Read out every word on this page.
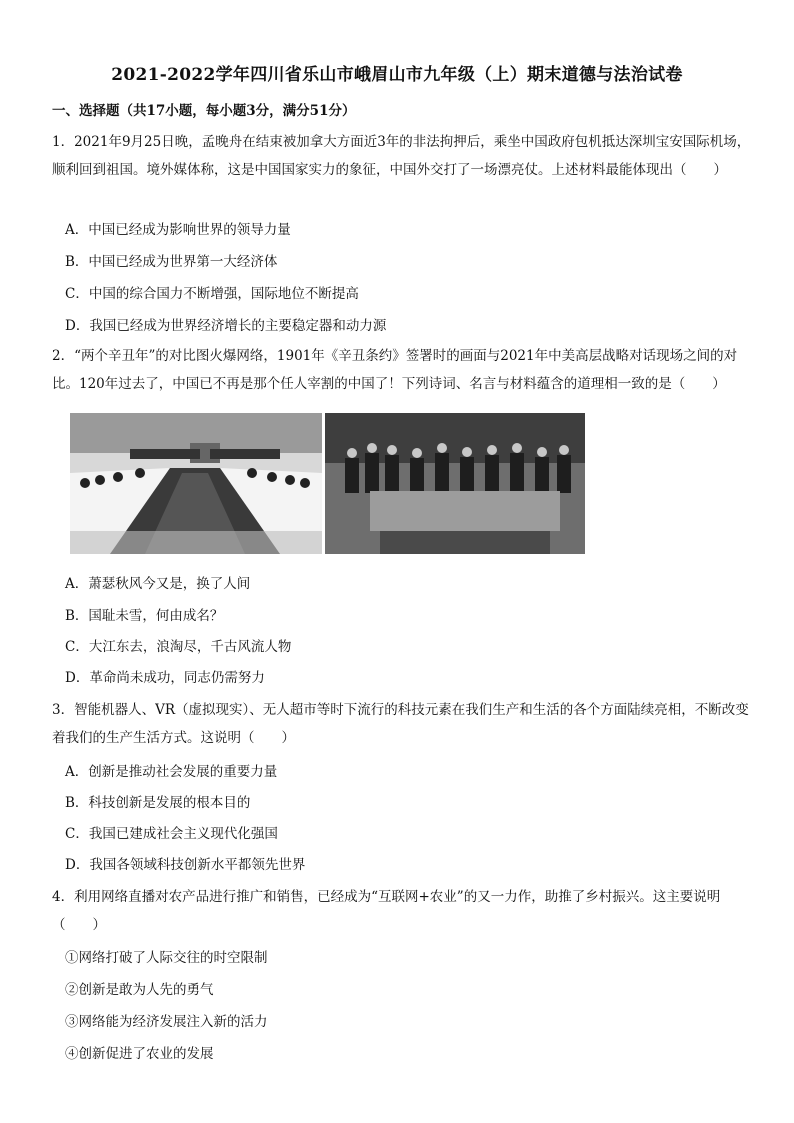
2021-2022学年四川省乐山市峨眉山市九年级（上）期末道德与法治试卷
一、选择题（共17小题，每小题3分，满分51分）
1．2021年9月25日晚，孟晚舟在结束被加拿大方面近3年的非法拘押后，乘坐中国政府包机抵达深圳宝安国际机场，顺利回到祖国。境外媒体称，这是中国国家实力的象征，中国外交打了一场漂亮仗。上述材料最能体现出（　　）
A．中国已经成为影响世界的领导力量
B．中国已经成为世界第一大经济体
C．中国的综合国力不断增强，国际地位不断提高
D．我国已经成为世界经济增长的主要稳定器和动力源
2．“两个辛丑年”的对比图火爆网络，1901年《辛丑条约》签署时的画面与2021年中美高层战略对话现场之间的对比。120年过去了，中国已不再是那个任人宰割的中国了！下列诗词、名言与材料蕴含的道理相一致的是（　　）
A．萧瑟秋风今又是，换了人间
B．国耻未雪，何由成名？
C．大江东去，浪淘尽，千古风流人物
D．革命尚未成功，同志仍需努力
3．智能机器人、VR（虚拟现实）、无人超市等时下流行的科技元素在我们生产和生活的各个方面陆续亮相，不断改变着我们的生产生活方式。这说明（　　）
A．创新是推动社会发展的重要力量
B．科技创新是发展的根本目的
C．我国已建成社会主义现代化强国
D．我国各领域科技创新水平都领先世界
4．利用网络直播对农产品进行推广和销售，已经成为“互联网+农业”的又一力作，助推了乡村振兴。这主要说明（　　）
①网络打破了人际交往的时空限制
②创新是敢为人先的勇气
③网络能为经济发展注入新的活力
④创新促进了农业的发展
